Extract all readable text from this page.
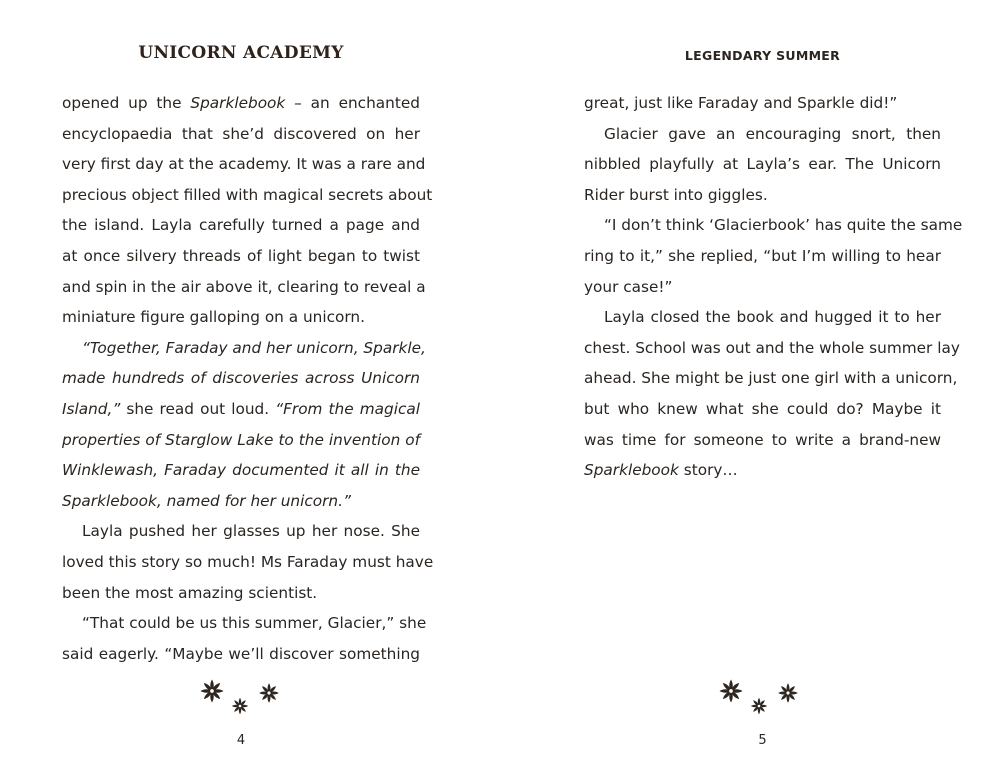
UNICORN ACADEMY
opened up the Sparklebook – an enchanted
encyclopaedia that she’d discovered on her
very first day at the academy. It was a rare and
precious object filled with magical secrets about
the island. Layla carefully turned a page and
at once silvery threads of light began to twist
and spin in the air above it, clearing to reveal a
miniature figure galloping on a unicorn.
“Together, Faraday and her unicorn, Sparkle,
made hundreds of discoveries across Unicorn
Island,” she read out loud. “From the magical
properties of Starglow Lake to the invention of
Winklewash, Faraday documented it all in the
Sparklebook, named for her unicorn.”
Layla pushed her glasses up her nose. She
loved this story so much! Ms Faraday must have
been the most amazing scientist.
“That could be us this summer, Glacier,” she
said eagerly. “Maybe we’ll discover something
4
LEGENDARY SUMMER
great, just like Faraday and Sparkle did!”
Glacier gave an encouraging snort, then
nibbled playfully at Layla’s ear. The Unicorn
Rider burst into giggles.
“I don’t think ‘Glacierbook’ has quite the same
ring to it,” she replied, “but I’m willing to hear
your case!”
Layla closed the book and hugged it to her
chest. School was out and the whole summer lay
ahead. She might be just one girl with a unicorn,
but who knew what she could do? Maybe it
was time for someone to write a brand-new
Sparklebook story…
5
